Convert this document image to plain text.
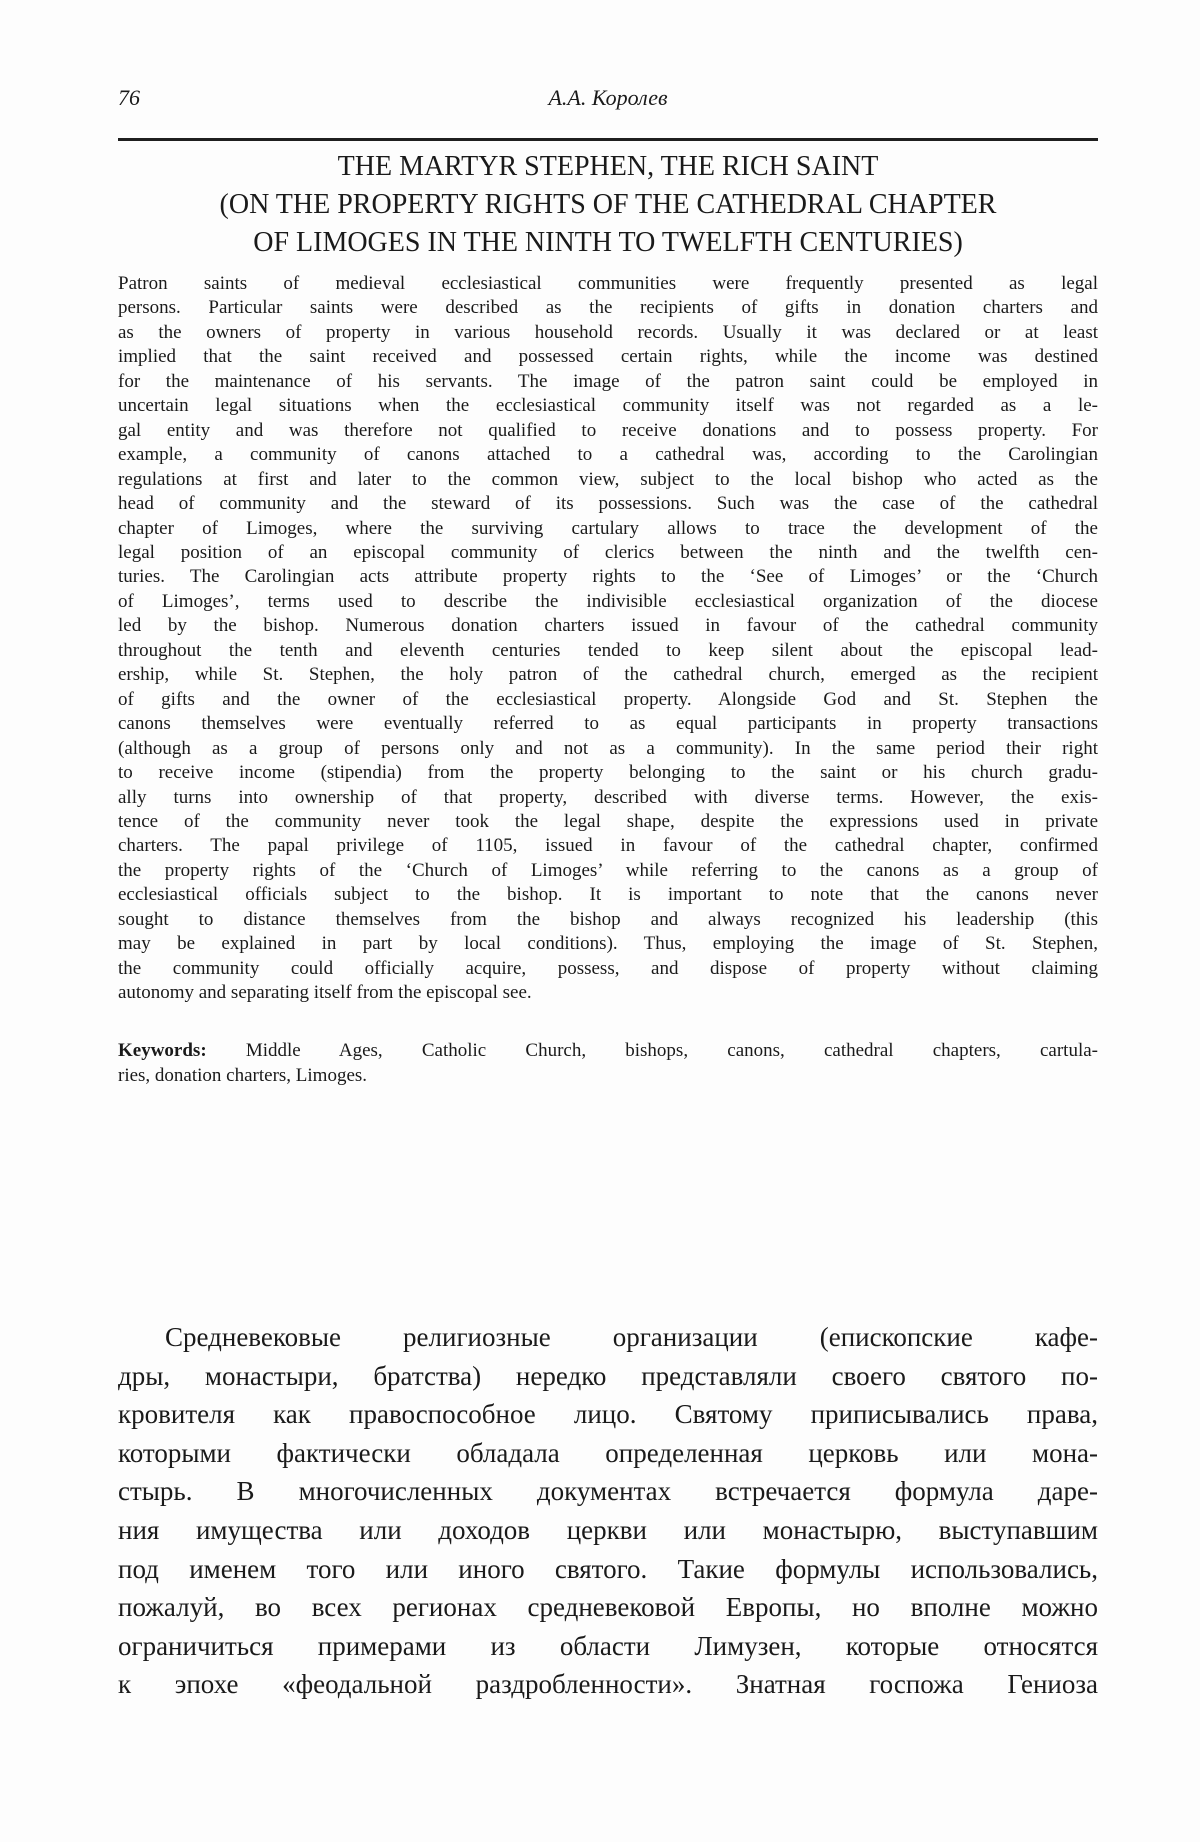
76	А.А. Королев
THE MARTYR STEPHEN, THE RICH SAINT
(ON THE PROPERTY RIGHTS OF THE CATHEDRAL CHAPTER
OF LIMOGES IN THE NINTH TO TWELFTH CENTURIES)
Patron saints of medieval ecclesiastical communities were frequently presented as legal
persons. Particular saints were described as the recipients of gifts in donation charters and
as the owners of property in various household records. Usually it was declared or at least
implied that the saint received and possessed certain rights, while the income was destined
for the maintenance of his servants. The image of the patron saint could be employed in
uncertain legal situations when the ecclesiastical community itself was not regarded as a le-
gal entity and was therefore not qualified to receive donations and to possess property. For
example, a community of canons attached to a cathedral was, according to the Carolingian
regulations at first and later to the common view, subject to the local bishop who acted as the
head of community and the steward of its possessions. Such was the case of the cathedral
chapter of Limoges, where the surviving cartulary allows to trace the development of the
legal position of an episcopal community of clerics between the ninth and the twelfth cen-
turies. The Carolingian acts attribute property rights to the ‘See of Limoges’ or the ‘Church
of Limoges’, terms used to describe the indivisible ecclesiastical organization of the diocese
led by the bishop. Numerous donation charters issued in favour of the cathedral community
throughout the tenth and eleventh centuries tended to keep silent about the episcopal lead-
ership, while St. Stephen, the holy patron of the cathedral church, emerged as the recipient
of gifts and the owner of the ecclesiastical property. Alongside God and St. Stephen the
canons themselves were eventually referred to as equal participants in property transactions
(although as a group of persons only and not as a community). In the same period their right
to receive income (stipendia) from the property belonging to the saint or his church gradu-
ally turns into ownership of that property, described with diverse terms. However, the exis-
tence of the community never took the legal shape, despite the expressions used in private
charters. The papal privilege of 1105, issued in favour of the cathedral chapter, confirmed
the property rights of the ‘Church of Limoges’ while referring to the canons as a group of
ecclesiastical officials subject to the bishop. It is important to note that the canons never
sought to distance themselves from the bishop and always recognized his leadership (this
may be explained in part by local conditions). Thus, employing the image of St. Stephen,
the community could officially acquire, possess, and dispose of property without claiming
autonomy and separating itself from the episcopal see.
Keywords: Middle Ages, Catholic Church, bishops, canons, cathedral chapters, cartula-
ries, donation charters, Limoges.
Средневековые религиозные организации (епископские кафе-
дры, монастыри, братства) нередко представляли своего святого по-
кровителя как правоспособное лицо. Святому приписывались права,
которыми фактически обладала определенная церковь или мона-
стырь. В многочисленных документах встречается формула даре-
ния имущества или доходов церкви или монастырю, выступавшим
под именем того или иного святого. Такие формулы использовались,
пожалуй, во всех регионах средневековой Европы, но вполне можно
ограничиться примерами из области Лимузен, которые относятся
к эпохе «феодальной раздробленности». Знатная госпожа Гениоза
